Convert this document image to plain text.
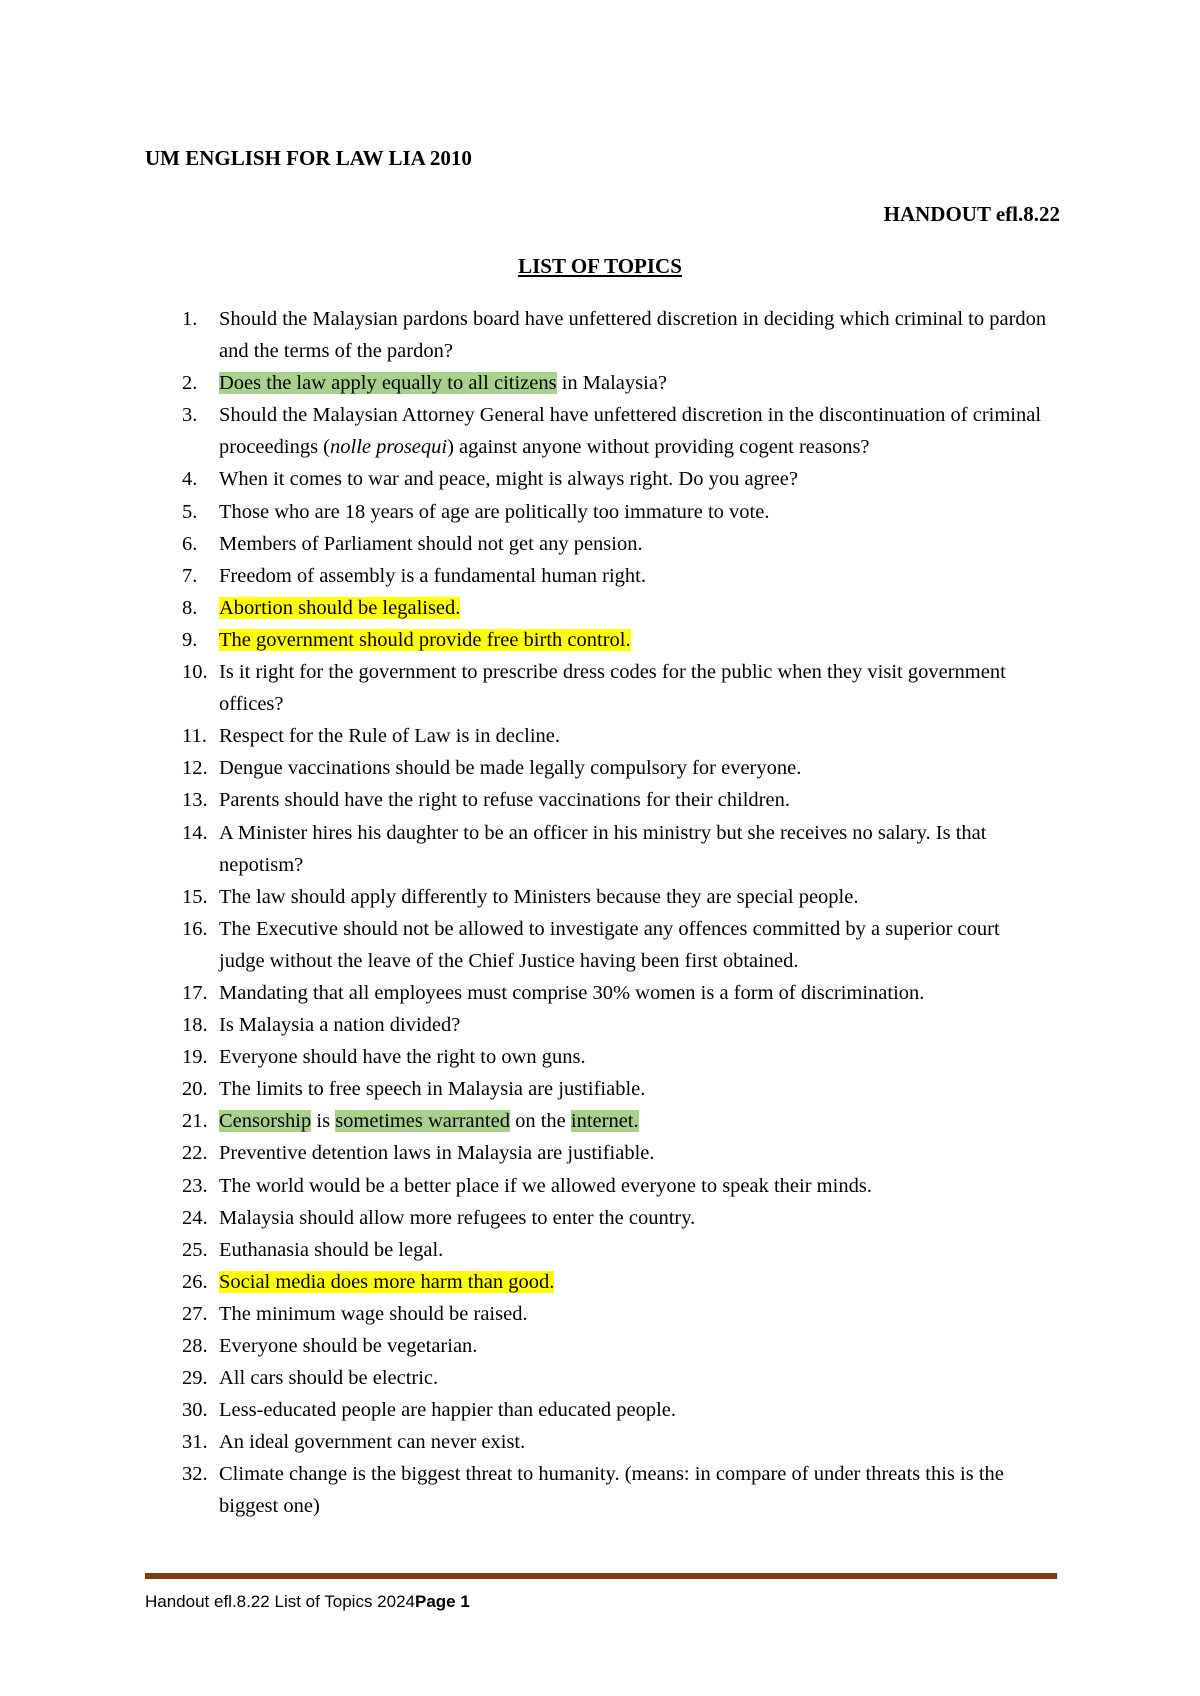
UM ENGLISH FOR LAW LIA 2010
HANDOUT efl.8.22
LIST OF TOPICS
1. Should the Malaysian pardons board have unfettered discretion in deciding which criminal to pardon and the terms of the pardon?
2. Does the law apply equally to all citizens in Malaysia?
3. Should the Malaysian Attorney General have unfettered discretion in the discontinuation of criminal proceedings (nolle prosequi) against anyone without providing cogent reasons?
4. When it comes to war and peace, might is always right. Do you agree?
5. Those who are 18 years of age are politically too immature to vote.
6. Members of Parliament should not get any pension.
7. Freedom of assembly is a fundamental human right.
8. Abortion should be legalised.
9. The government should provide free birth control.
10. Is it right for the government to prescribe dress codes for the public when they visit government offices?
11. Respect for the Rule of Law is in decline.
12. Dengue vaccinations should be made legally compulsory for everyone.
13. Parents should have the right to refuse vaccinations for their children.
14. A Minister hires his daughter to be an officer in his ministry but she receives no salary. Is that nepotism?
15. The law should apply differently to Ministers because they are special people.
16. The Executive should not be allowed to investigate any offences committed by a superior court judge without the leave of the Chief Justice having been first obtained.
17. Mandating that all employees must comprise 30% women is a form of discrimination.
18. Is Malaysia a nation divided?
19. Everyone should have the right to own guns.
20. The limits to free speech in Malaysia are justifiable.
21. Censorship is sometimes warranted on the internet.
22. Preventive detention laws in Malaysia are justifiable.
23. The world would be a better place if we allowed everyone to speak their minds.
24. Malaysia should allow more refugees to enter the country.
25. Euthanasia should be legal.
26. Social media does more harm than good.
27. The minimum wage should be raised.
28. Everyone should be vegetarian.
29. All cars should be electric.
30. Less-educated people are happier than educated people.
31. An ideal government can never exist.
32. Climate change is the biggest threat to humanity. (means: in compare of under threats this is the biggest one)
Handout efl.8.22 List of Topics 2024Page 1
